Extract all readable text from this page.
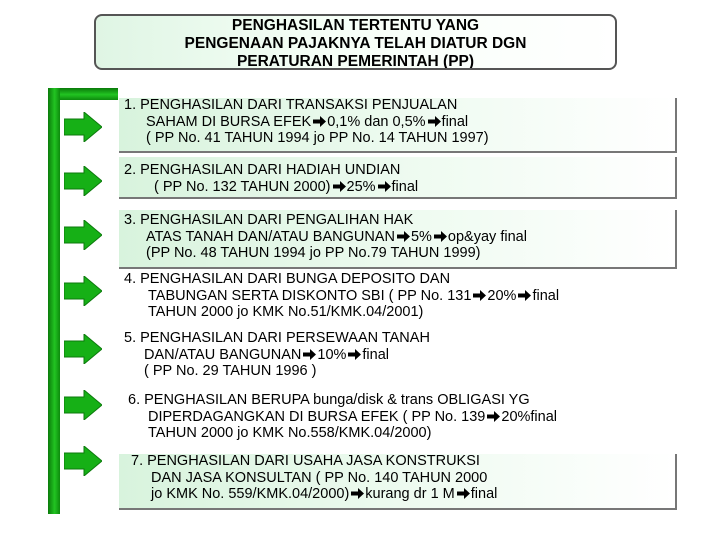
PENGHASILAN TERTENTU YANG
PENGENAAN PAJAKNYA TELAH DIATUR DGN
PERATURAN PEMERINTAH (PP)
1. PENGHASILAN DARI TRANSAKSI PENJUALAN
SAHAM DI BURSA EFEK 0,1% dan 0,5% final
( PP No. 41 TAHUN 1994 jo PP No. 14 TAHUN 1997)
2. PENGHASILAN DARI HADIAH UNDIAN
( PP No. 132 TAHUN 2000) 25% final
3. PENGHASILAN DARI PENGALIHAN HAK
ATAS TANAH DAN/ATAU BANGUNAN 5% op&yay final
(PP No. 48 TAHUN 1994 jo PP No.79 TAHUN 1999)
4. PENGHASILAN DARI BUNGA DEPOSITO DAN
TABUNGAN SERTA DISKONTO SBI ( PP No. 131 20% final
TAHUN 2000 jo KMK No.51/KMK.04/2001)
5. PENGHASILAN DARI PERSEWAAN TANAH
DAN/ATAU BANGUNAN 10% final
( PP No. 29 TAHUN 1996 )
6. PENGHASILAN BERUPA bunga/disk & trans OBLIGASI YG
DIPERDAGANGKAN DI BURSA EFEK ( PP No. 139 20%final
TAHUN 2000 jo KMK No.558/KMK.04/2000)
7. PENGHASILAN DARI USAHA JASA KONSTRUKSI
DAN JASA KONSULTAN ( PP No. 140 TAHUN 2000
jo KMK No. 559/KMK.04/2000) kurang dr 1 M final
